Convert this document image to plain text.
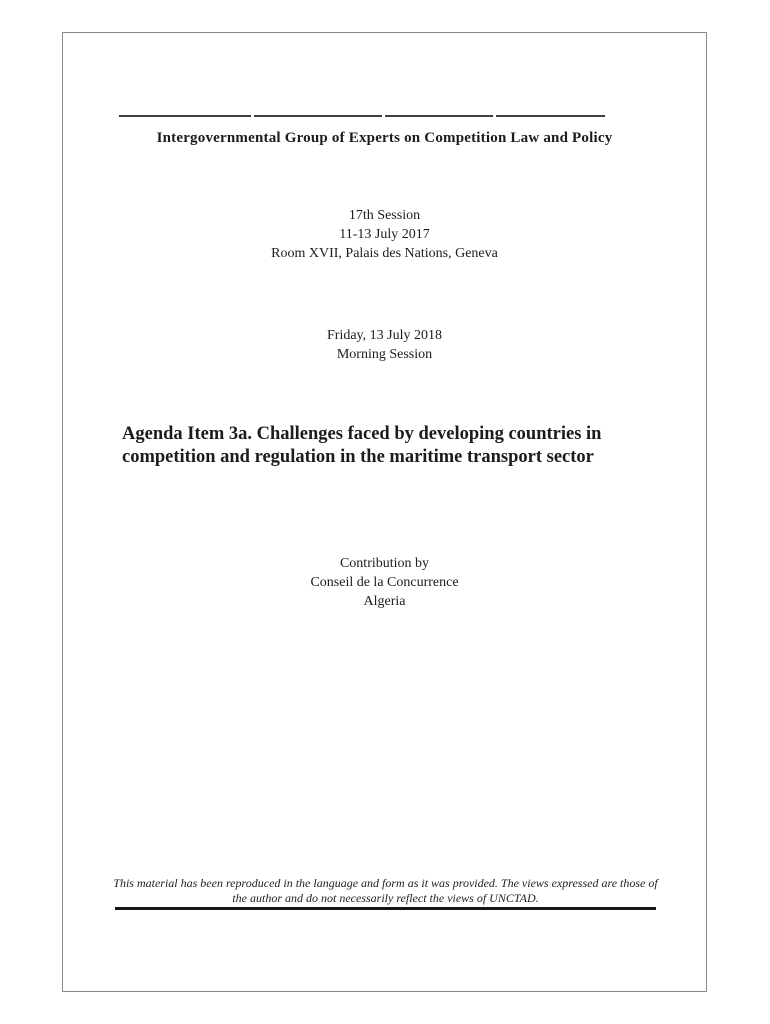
Intergovernmental Group of Experts on Competition Law and Policy
17th Session
11-13 July 2017
Room XVII, Palais des Nations, Geneva
Friday, 13 July 2018
Morning Session
Agenda Item 3a. Challenges faced by developing countries in competition and regulation in the maritime transport sector
Contribution by
Conseil de la Concurrence
Algeria
This material has been reproduced in the language and form as it was provided. The views expressed are those of the author and do not necessarily reflect the views of UNCTAD.
